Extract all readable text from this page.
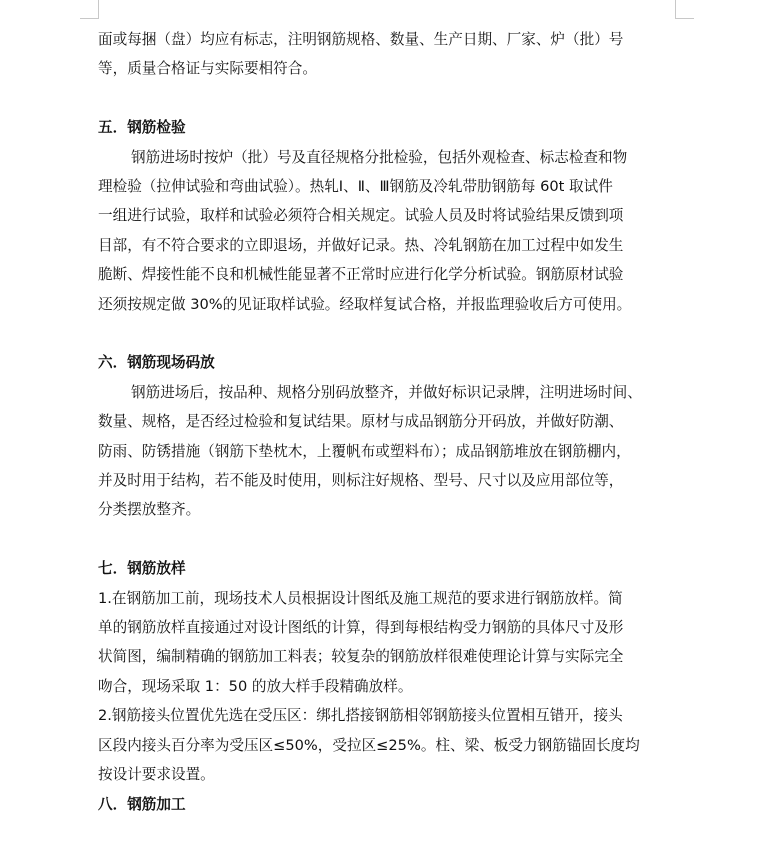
面或每捆（盘）均应有标志，注明钢筋规格、数量、生产日期、厂家、炉（批）号
等，质量合格证与实际要相符合。
五．钢筋检验
钢筋进场时按炉（批）号及直径规格分批检验，包括外观检查、标志检查和物
理检验（拉伸试验和弯曲试验）。热轧Ⅰ、Ⅱ、Ⅲ钢筋及冷轧带肋钢筋每 60t 取试件
一组进行试验，取样和试验必须符合相关规定。试验人员及时将试验结果反馈到项
目部，有不符合要求的立即退场，并做好记录。热、冷轧钢筋在加工过程中如发生
脆断、焊接性能不良和机械性能显著不正常时应进行化学分析试验。钢筋原材试验
还须按规定做 30%的见证取样试验。经取样复试合格，并报监理验收后方可使用。
六．钢筋现场码放
钢筋进场后，按品种、规格分别码放整齐，并做好标识记录牌，注明进场时间、
数量、规格，是否经过检验和复试结果。原材与成品钢筋分开码放，并做好防潮、
防雨、防锈措施（钢筋下垫枕木，上覆帆布或塑料布）；成品钢筋堆放在钢筋棚内，
并及时用于结构，若不能及时使用，则标注好规格、型号、尺寸以及应用部位等，
分类摆放整齐。
七．钢筋放样
1.在钢筋加工前，现场技术人员根据设计图纸及施工规范的要求进行钢筋放样。简
单的钢筋放样直接通过对设计图纸的计算，得到每根结构受力钢筋的具体尺寸及形
状简图，编制精确的钢筋加工料表；较复杂的钢筋放样很难使理论计算与实际完全
吻合，现场采取 1：50 的放大样手段精确放样。
2.钢筋接头位置优先选在受压区：绑扎搭接钢筋相邻钢筋接头位置相互错开，接头
区段内接头百分率为受压区≤50%，受拉区≤25%。柱、梁、板受力钢筋锚固长度均
按设计要求设置。
八．钢筋加工
